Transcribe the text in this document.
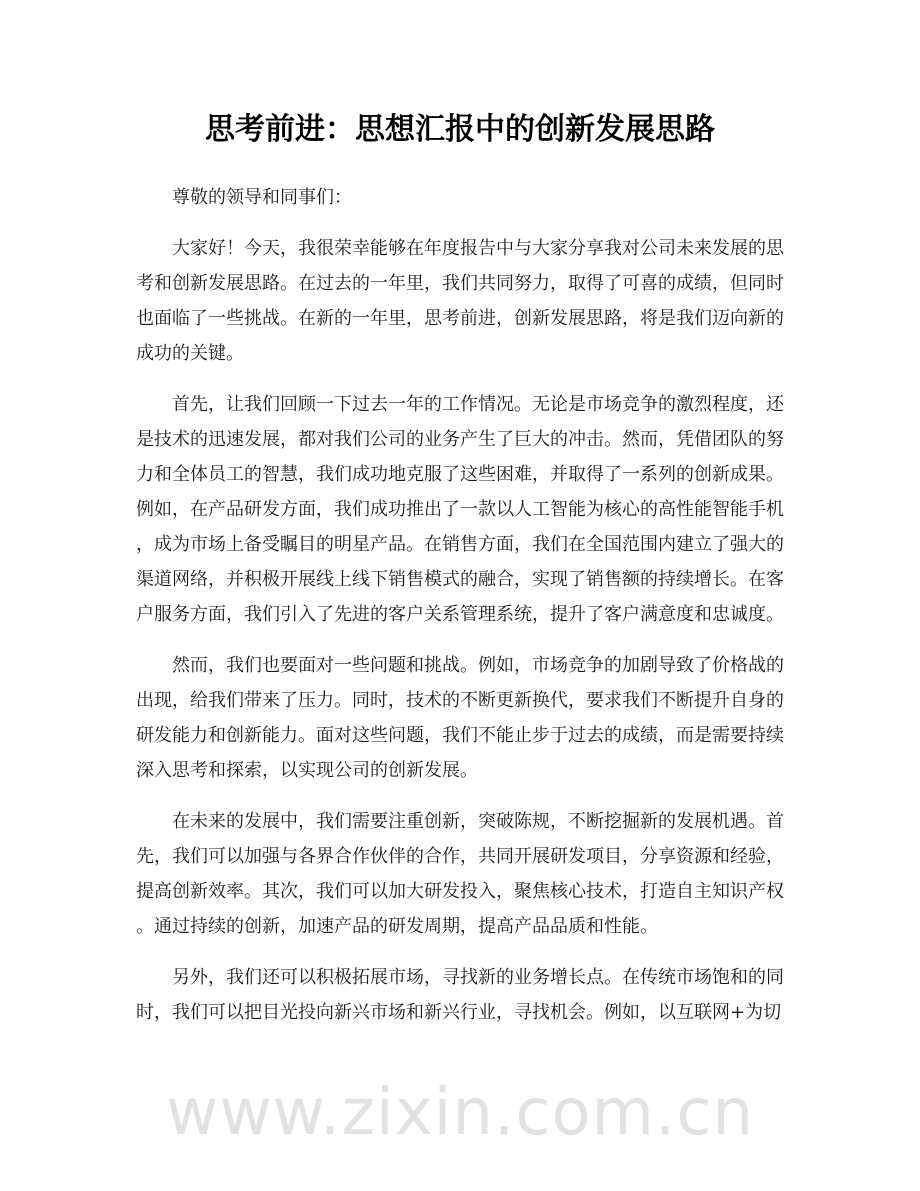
思考前进：思想汇报中的创新发展思路
尊敬的领导和同事们：
大家好！今天，我很荣幸能够在年度报告中与大家分享我对公司未来发展的思
考和创新发展思路。在过去的一年里，我们共同努力，取得了可喜的成绩，但同时
也面临了一些挑战。在新的一年里，思考前进，创新发展思路，将是我们迈向新的
成功的关键。
首先，让我们回顾一下过去一年的工作情况。无论是市场竞争的激烈程度，还
是技术的迅速发展，都对我们公司的业务产生了巨大的冲击。然而，凭借团队的努
力和全体员工的智慧，我们成功地克服了这些困难，并取得了一系列的创新成果。
例如，在产品研发方面，我们成功推出了一款以人工智能为核心的高性能智能手机
，成为市场上备受瞩目的明星产品。在销售方面，我们在全国范围内建立了强大的
渠道网络，并积极开展线上线下销售模式的融合，实现了销售额的持续增长。在客
户服务方面，我们引入了先进的客户关系管理系统，提升了客户满意度和忠诚度。
然而，我们也要面对一些问题和挑战。例如，市场竞争的加剧导致了价格战的
出现，给我们带来了压力。同时，技术的不断更新换代，要求我们不断提升自身的
研发能力和创新能力。面对这些问题，我们不能止步于过去的成绩，而是需要持续
深入思考和探索，以实现公司的创新发展。
在未来的发展中，我们需要注重创新，突破陈规，不断挖掘新的发展机遇。首
先，我们可以加强与各界合作伙伴的合作，共同开展研发项目，分享资源和经验，
提高创新效率。其次，我们可以加大研发投入，聚焦核心技术，打造自主知识产权
。通过持续的创新，加速产品的研发周期，提高产品品质和性能。
另外，我们还可以积极拓展市场，寻找新的业务增长点。在传统市场饱和的同
时，我们可以把目光投向新兴市场和新兴行业，寻找机会。例如，以互联网+为切
www.zixin.com.cn
